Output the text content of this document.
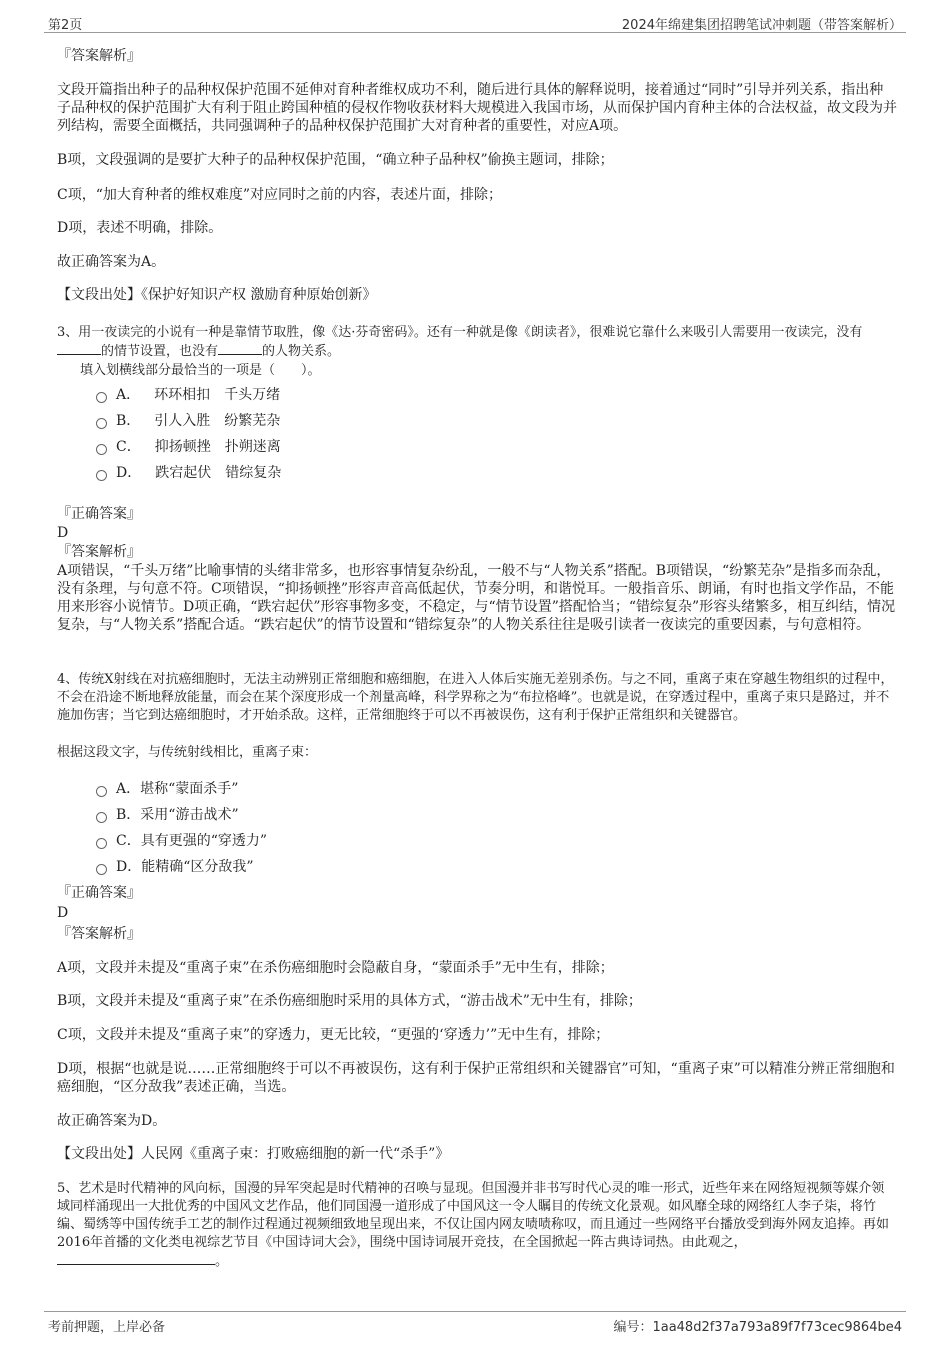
第2页	2024年绵建集团招聘笔试冲刺题（带答案解析）
『答案解析』
文段开篇指出种子的品种权保护范围不延伸对育种者维权成功不利，随后进行具体的解释说明，接着通过“同时”引导并列关系，指出种子品种权的保护范围扩大有利于阻止跨国种植的侵权作物收获材料大规模进入我国市场，从而保护国内育种主体的合法权益，故文段为并列结构，需要全面概括，共同强调种子的品种权保护范围扩大对育种者的重要性，对应A项。
B项，文段强调的是要扩大种子的品种权保护范围，“确立种子品种权”偷换主题词，排除；
C项，“加大育种者的维权难度”对应同时之前的内容，表述片面，排除；
D项，表述不明确，排除。
故正确答案为A。
【文段出处】《保护好知识产权 激励育种原始创新》
3、用一夜读完的小说有一种是靠情节取胜，像《达·芬奇密码》。还有一种就是像《朗读者》，很难说它靠什么来吸引人需要用一夜读完，没有的情节设置，也没有	的人物关系。
填入划横线部分最恰当的一项是（　　）。
A． 环环相扣 千头万绪
B． 引人入胜 纷繁芜杂
C． 抑扬顿挫 扑朔迷离
D． 跌宕起伏 错综复杂
『正确答案』
D
『答案解析』
A项错误，“千头万绪”比喻事情的头绪非常多，也形容事情复杂纷乱，一般不与“人物关系”搭配。B项错误，“纷繁芜杂”是指多而杂乱，没有条理，与句意不符。C项错误，“抑扬顿挫”形容声音高低起伏，节奏分明，和谐悦耳。一般指音乐、朗诵，有时也指文学作品，不能用来形容小说情节。D项正确，“跌宕起伏”形容事物多变，不稳定，与“情节设置”搭配恰当；“错综复杂”形容头绪繁多，相互纠结，情况复杂，与“人物关系”搭配合适。“跌宕起伏”的情节设置和“错综复杂”的人物关系往往是吸引读者一夜读完的重要因素，与句意相符。
4、传统X射线在对抗癌细胞时，无法主动辨别正常细胞和癌细胞，在进入人体后实施无差别杀伤。与之不同，重离子束在穿越生物组织的过程中，不会在沿途不断地释放能量，而会在某个深度形成一个剂量高峰，科学界称之为“布拉格峰”。也就是说，在穿透过程中，重离子束只是路过，并不施加伤害；当它到达癌细胞时，才开始杀敌。这样，正常细胞终于可以不再被误伤，这有利于保护正常组织和关键器官。
根据这段文字，与传统射线相比，重离子束：
A．堪称“蒙面杀手”
B．采用“游击战术”
C．具有更强的“穿透力”
D．能精确“区分敌我”
『正确答案』
D
『答案解析』
A项，文段并未提及“重离子束”在杀伤癌细胞时会隐蔽自身，“蒙面杀手”无中生有，排除；
B项，文段并未提及“重离子束”在杀伤癌细胞时采用的具体方式，“游击战术”无中生有，排除；
C项，文段并未提及“重离子束”的穿透力，更无比较，“更强的‘穿透力’”无中生有，排除；
D项，根据“也就是说……正常细胞终于可以不再被误伤，这有利于保护正常组织和关键器官”可知，“重离子束”可以精准分辨正常细胞和癌细胞，“区分敌我”表述正确，当选。
故正确答案为D。
【文段出处】人民网《重离子束：打败癌细胞的新一代“杀手”》
5、艺术是时代精神的风向标，国漫的异军突起是时代精神的召唤与显现。但国漫并非书写时代心灵的唯一形式，近些年来在网络短视频等媒介领域同样涌现出一大批优秀的中国风文艺作品，他们同国漫一道形成了中国风这一令人瞩目的传统文化景观。如风靡全球的网络红人李子柒，将竹编、蜀绣等中国传统手工艺的制作过程通过视频细致地呈现出来，不仅让国内网友啧啧称叹，而且通过一些网络平台播放受到海外网友追捧。再如2016年首播的文化类电视综艺节目《中国诗词大会》，围绕中国诗词展开竞技，在全国掀起一阵古典诗词热。由此观之，
。
考前押题，上岸必备	编号：1aa48d2f37a793a89f7f73cec9864be4
